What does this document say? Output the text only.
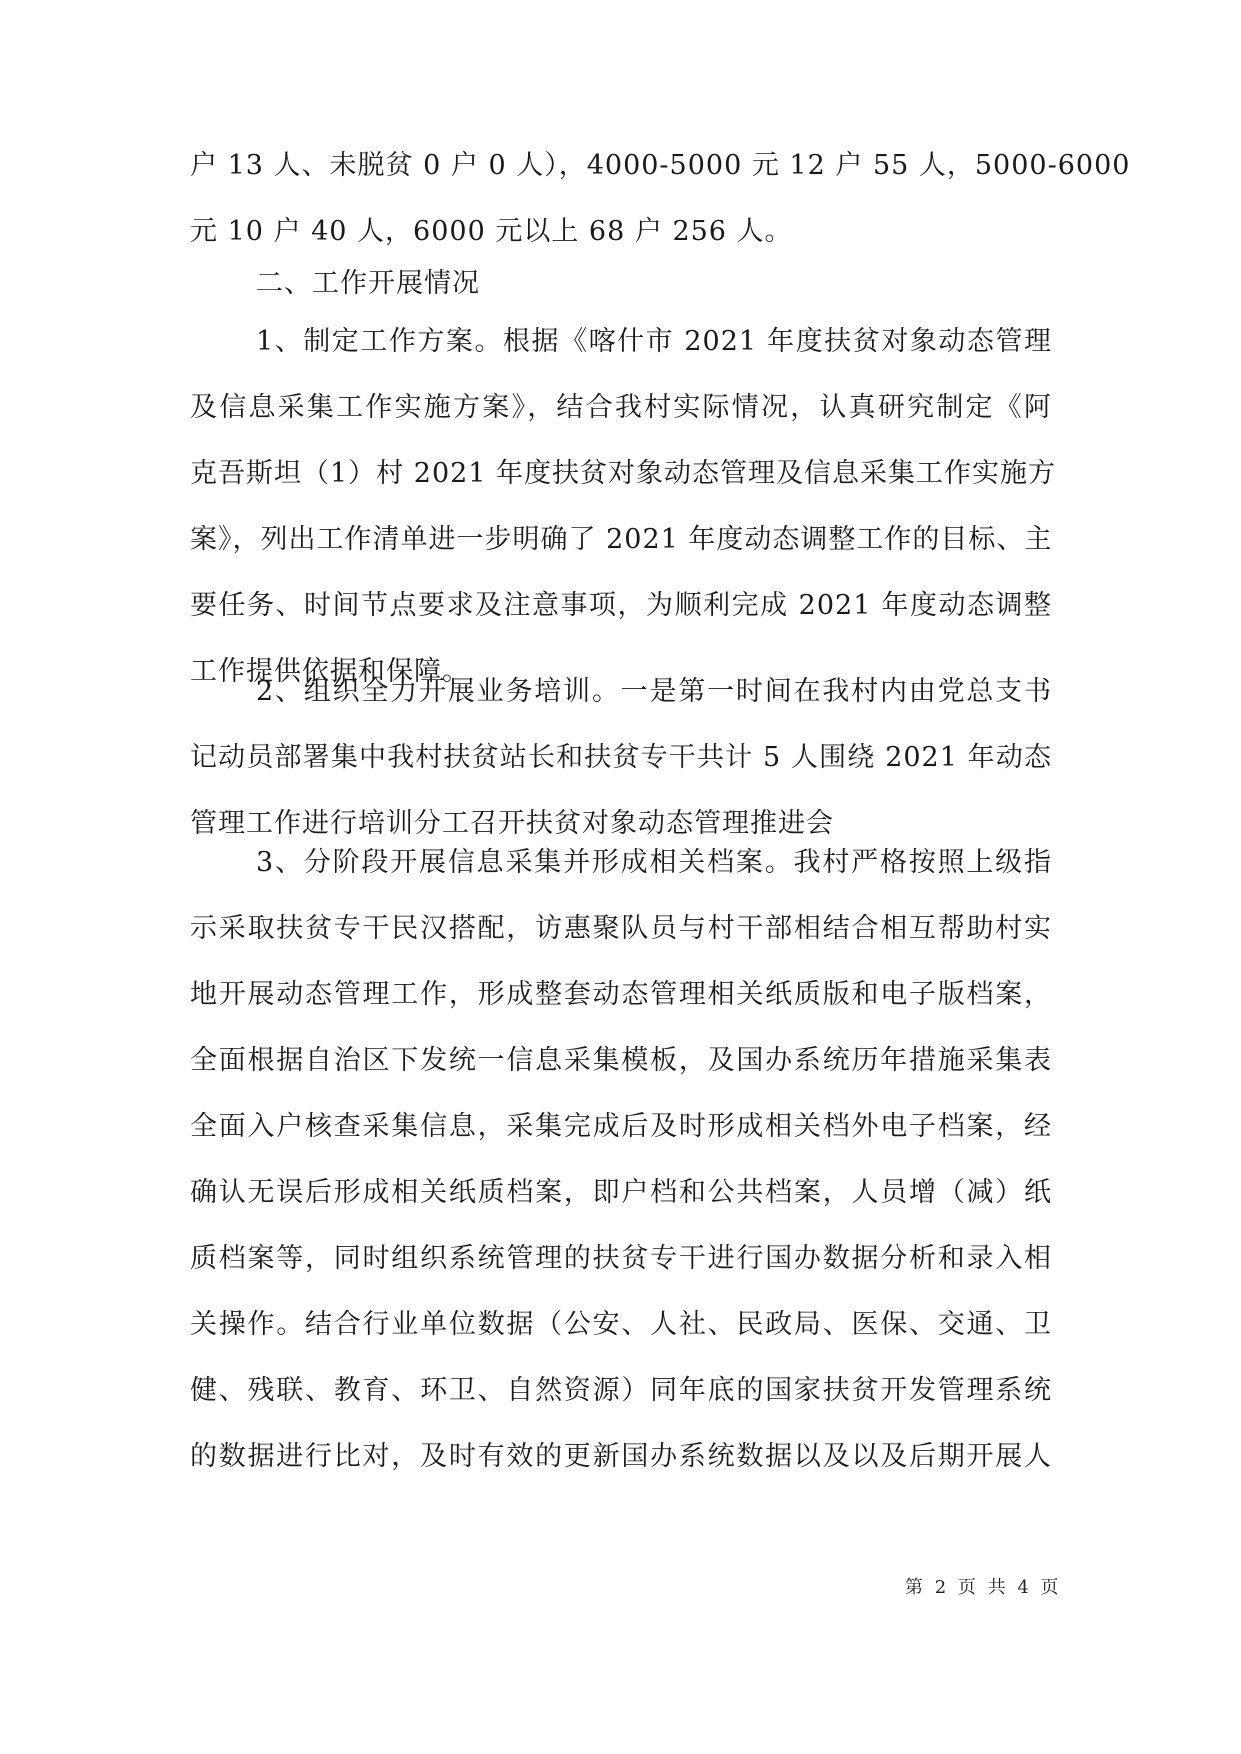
户 13 人、未脱贫 0 户 0 人），4000-5000 元 12 户 55 人，5000-6000
元 10 户 40 人，6000 元以上 68 户 256 人。
二、工作开展情况
1、制定工作方案。根据《喀什市 2021 年度扶贫对象动态管理
及信息采集工作实施方案》，结合我村实际情况，认真研究制定《阿
克吾斯坦（1）村 2021 年度扶贫对象动态管理及信息采集工作实施方
案》，列出工作清单进一步明确了 2021 年度动态调整工作的目标、主
要任务、时间节点要求及注意事项，为顺利完成 2021 年度动态调整
工作提供依据和保障。
2、组织全力开展业务培训。一是第一时间在我村内由党总支书
记动员部署集中我村扶贫站长和扶贫专干共计 5 人围绕 2021 年动态
管理工作进行培训分工召开扶贫对象动态管理推进会
3、分阶段开展信息采集并形成相关档案。我村严格按照上级指
示采取扶贫专干民汉搭配，访惠聚队员与村干部相结合相互帮助村实
地开展动态管理工作，形成整套动态管理相关纸质版和电子版档案，
全面根据自治区下发统一信息采集模板，及国办系统历年措施采集表
全面入户核查采集信息，采集完成后及时形成相关档外电子档案，经
确认无误后形成相关纸质档案，即户档和公共档案，人员增（减）纸
质档案等，同时组织系统管理的扶贫专干进行国办数据分析和录入相
关操作。结合行业单位数据（公安、人社、民政局、医保、交通、卫
健、残联、教育、环卫、自然资源）同年底的国家扶贫开发管理系统
的数据进行比对，及时有效的更新国办系统数据以及以及后期开展人
第 2 页 共 4 页
